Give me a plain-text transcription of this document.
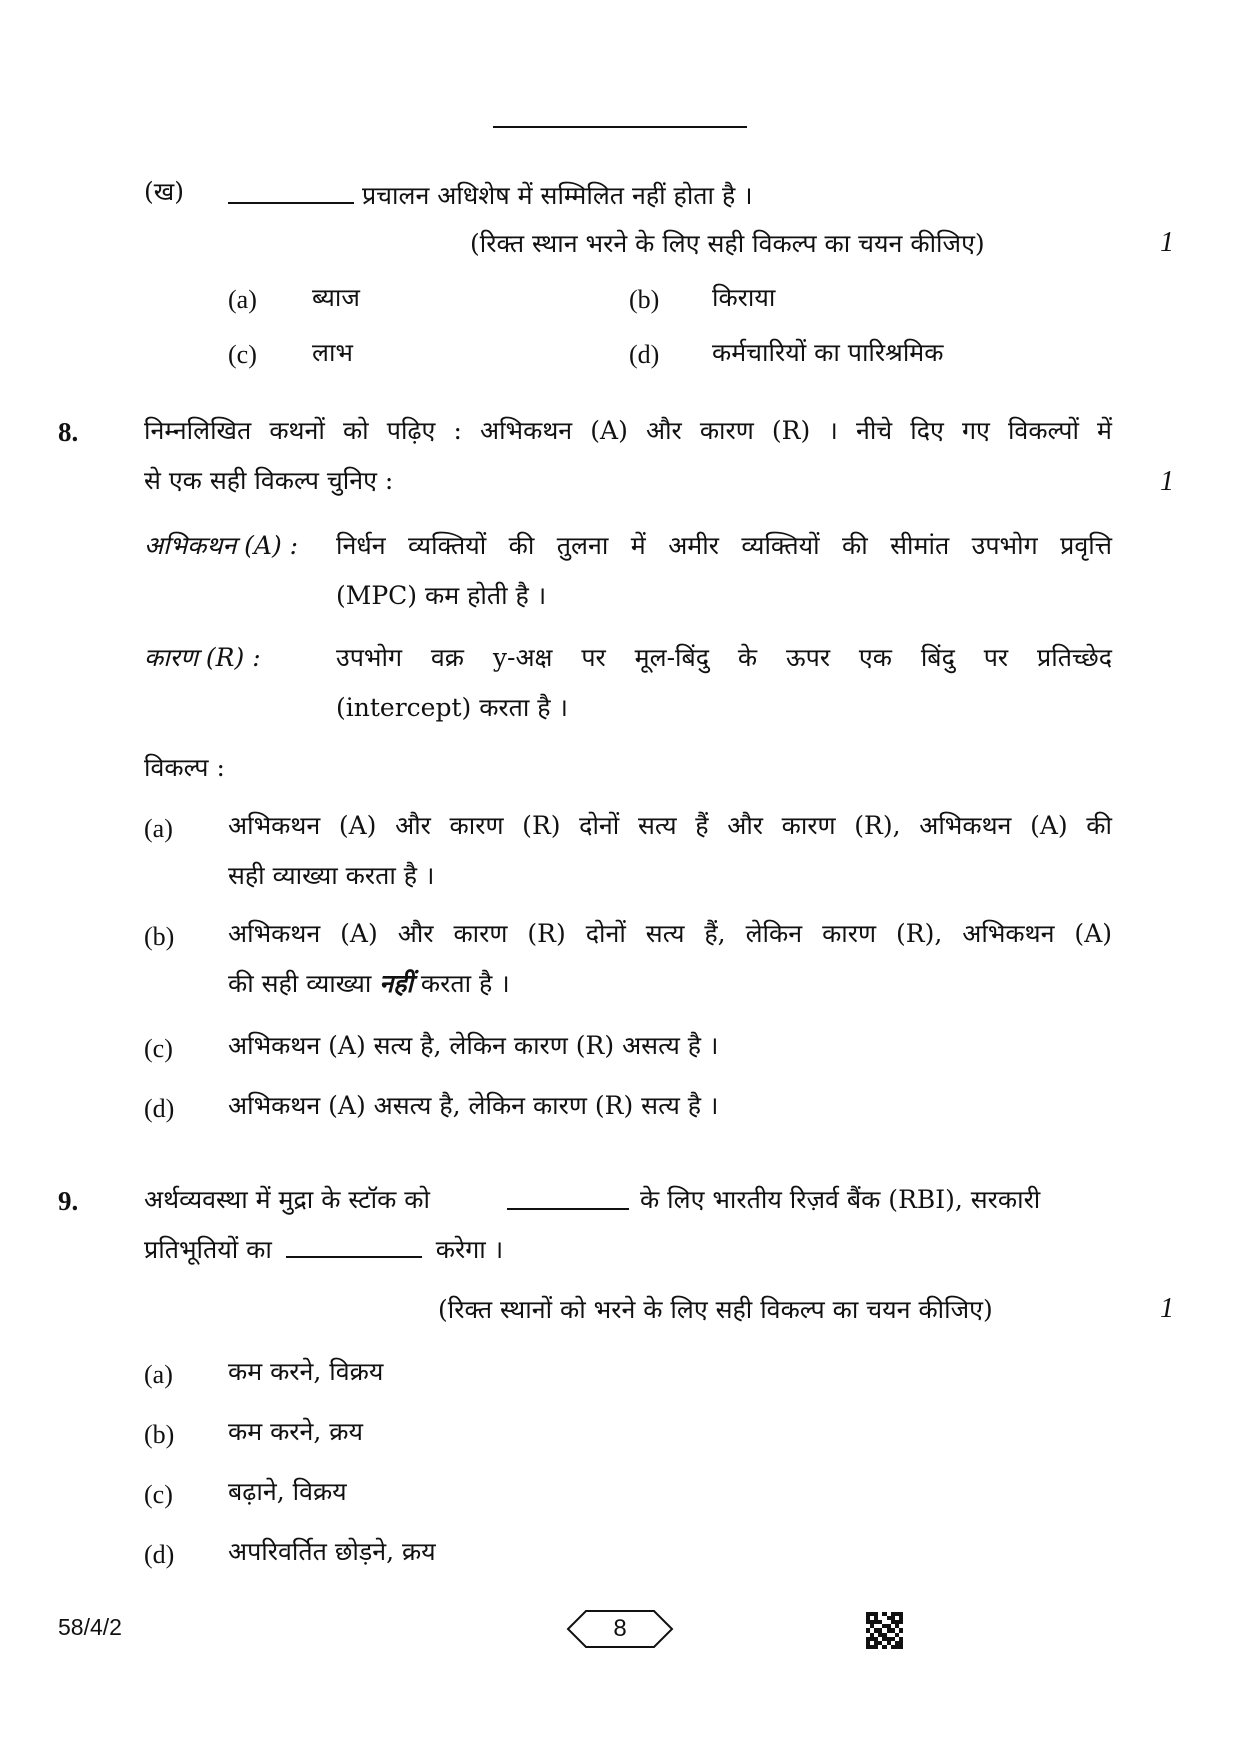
(ख)	प्रचालन अधिशेष में सम्मिलित नहीं होता है ।
(रिक्त स्थान भरने के लिए सही विकल्प का चयन कीजिए)	1
(a) ब्याज	(b) किराया
(c) लाभ	(d) कर्मचारियों का पारिश्रमिक
8.	निम्नलिखित कथनों को पढ़िए : अभिकथन (A) और कारण (R) । नीचे दिए गए विकल्पों में
से एक सही विकल्प चुनिए :	1
अभिकथन (A) : निर्धन व्यक्तियों की तुलना में अमीर व्यक्तियों की सीमांत उपभोग प्रवृत्ति
(MPC) कम होती है ।
कारण (R) :	उपभोग वक्र y-अक्ष पर मूल-बिंदु के ऊपर एक बिंदु पर प्रतिच्छेद
(intercept) करता है ।
विकल्प :
(a) अभिकथन (A) और कारण (R) दोनों सत्य हैं और कारण (R), अभिकथन (A) की
सही व्याख्या करता है ।
(b) अभिकथन (A) और कारण (R) दोनों सत्य हैं, लेकिन कारण (R), अभिकथन (A)
की सही व्याख्या नहीं करता है ।
(c) अभिकथन (A) सत्य है, लेकिन कारण (R) असत्य है ।
(d) अभिकथन (A) असत्य है, लेकिन कारण (R) सत्य है ।
9.	अर्थव्यवस्था में मुद्रा के स्टॉक को	के लिए भारतीय रिज़र्व बैंक (RBI), सरकारी
प्रतिभूतियों का	करेगा ।
(रिक्त स्थानों को भरने के लिए सही विकल्प का चयन कीजिए)	1
(a) कम करने, विक्रय
(b) कम करने, क्रय
(c) बढ़ाने, विक्रय
(d) अपरिवर्तित छोड़ने, क्रय
58/4/2	8
